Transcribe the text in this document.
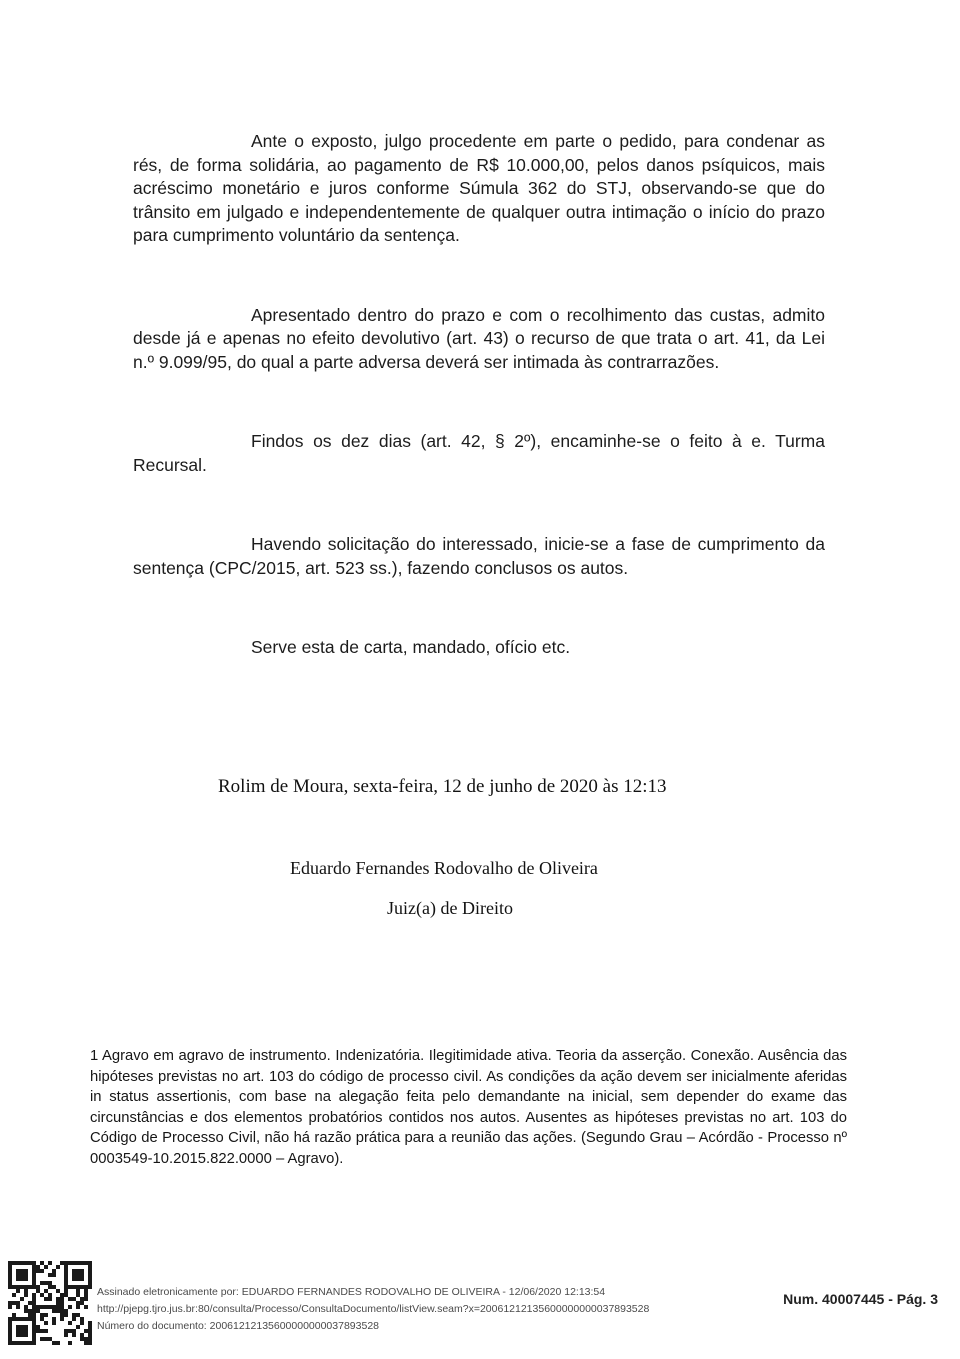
Ante o exposto, julgo procedente em parte o pedido, para condenar as rés, de forma solidária, ao pagamento de R$ 10.000,00, pelos danos psíquicos, mais acréscimo monetário e juros conforme Súmula 362 do STJ, observando-se que do trânsito em julgado e independentemente de qualquer outra intimação o início do prazo para cumprimento voluntário da sentença.

Apresentado dentro do prazo e com o recolhimento das custas, admito desde já e apenas no efeito devolutivo (art. 43) o recurso de que trata o art. 41, da Lei n.º 9.099/95, do qual a parte adversa deverá ser intimada às contrarrazões.

Findos os dez dias (art. 42, § 2º), encaminhe-se o feito à e. Turma Recursal.

Havendo solicitação do interessado, inicie-se a fase de cumprimento da sentença (CPC/2015, art. 523 ss.), fazendo conclusos os autos.

Serve esta de carta, mandado, ofício etc.

Rolim de Moura, sexta-feira, 12 de junho de 2020 às 12:13
Eduardo Fernandes Rodovalho de Oliveira
Juiz(a) de Direito
1 Agravo em agravo de instrumento. Indenizatória. Ilegitimidade ativa. Teoria da asserção. Conexão. Ausência das hipóteses previstas no art. 103 do código de processo civil. As condições da ação devem ser inicialmente aferidas in status assertionis, com base na alegação feita pelo demandante na inicial, sem depender do exame das circunstâncias e dos elementos probatórios contidos nos autos. Ausentes as hipóteses previstas no art. 103 do Código de Processo Civil, não há razão prática para a reunião das ações. (Segundo Grau – Acórdão - Processo nº 0003549-10.2015.822.0000 – Agravo).
Assinado eletronicamente por: EDUARDO FERNANDES RODOVALHO DE OLIVEIRA - 12/06/2020 12:13:54
http://pjepg.tjro.jus.br:80/consulta/Processo/ConsultaDocumento/listView.seam?x=20061212135600000000037893528
Número do documento: 20061212135600000000037893528
Num. 40007445 - Pág. 3
